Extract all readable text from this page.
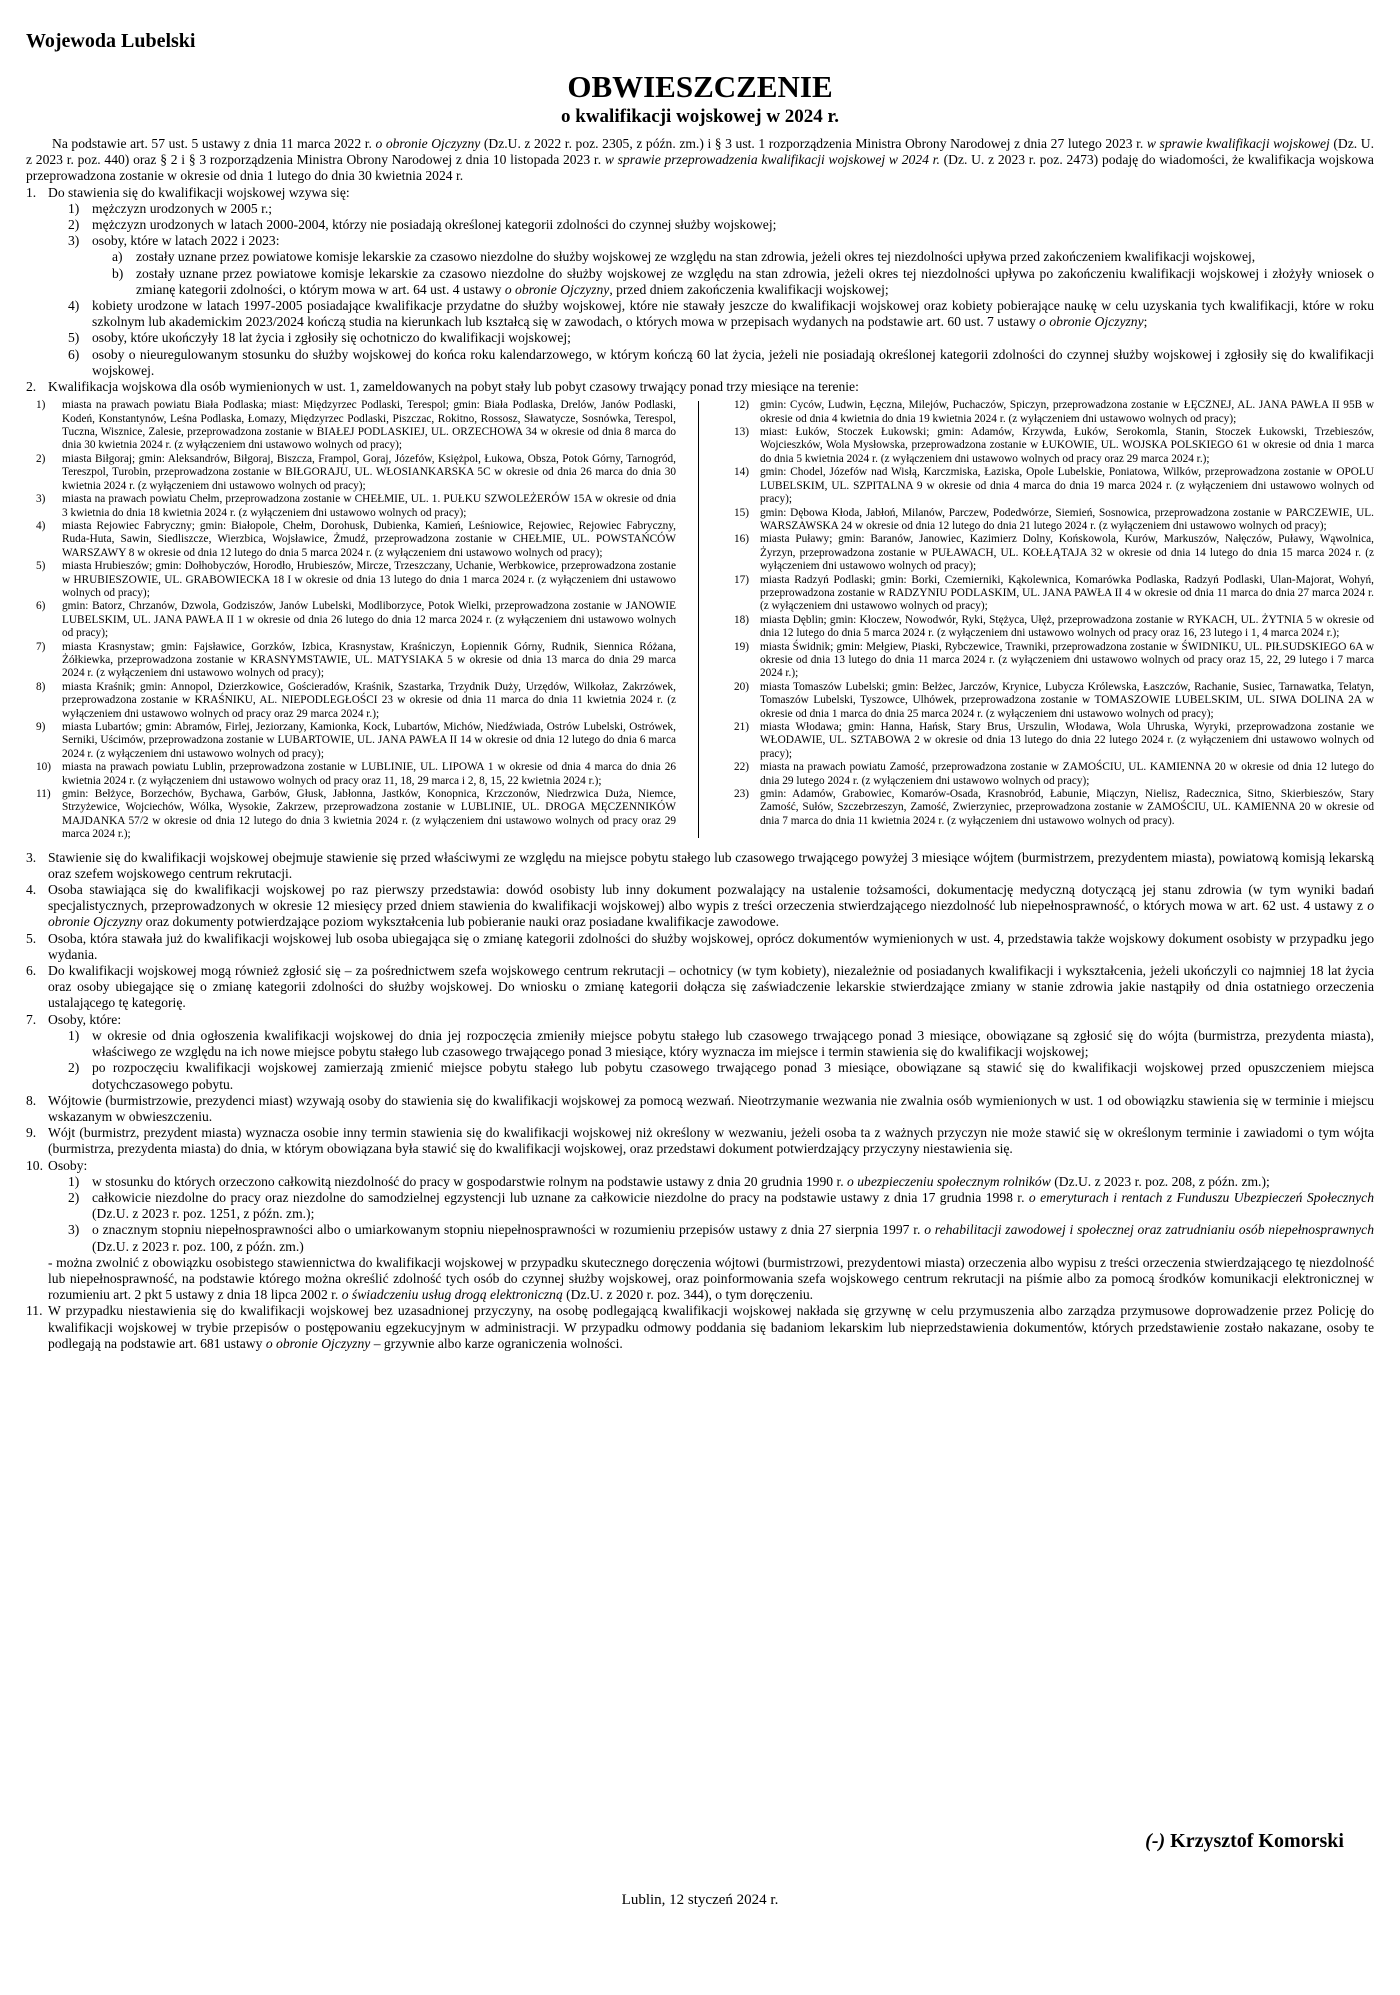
Wojewoda Lubelski

OBWIESZCZENIE
o kwalifikacji wojskowej w 2024 r.

Na podstawie art. 57 ust. 5 ustawy z dnia 11 marca 2022 r. o obronie Ojczyzny (Dz.U. z 2022 r. poz. 2305, z późn. zm.) i § 3 ust. 1 rozporządzenia Ministra Obrony Narodowej z dnia 27 lutego 2023 r. w sprawie kwalifikacji wojskowej (Dz. U. z 2023 r. poz. 440) oraz § 2 i § 3 rozporządzenia Ministra Obrony Narodowej z dnia 10 listopada 2023 r. w sprawie przeprowadzenia kwalifikacji wojskowej w 2024 r. (Dz. U. z 2023 r. poz. 2473) podaję do wiadomości, że kwalifikacja wojskowa przeprowadzona zostanie w okresie od dnia 1 lutego do dnia 30 kwietnia 2024 r.

1. Do stawienia się do kwalifikacji wojskowej wzywa się:
1) mężczyzn urodzonych w 2005 r.;
2) mężczyzn urodzonych w latach 2000-2004, którzy nie posiadają określonej kategorii zdolności do czynnej służby wojskowej;
3) osoby, które w latach 2022 i 2023:
a) zostały uznane przez powiatowe komisje lekarskie za czasowo niezdolne do służby wojskowej ze względu na stan zdrowia, jeżeli okres tej niezdolności upływa przed zakończeniem kwalifikacji wojskowej,
b) zostały uznane przez powiatowe komisje lekarskie za czasowo niezdolne do służby wojskowej ze względu na stan zdrowia, jeżeli okres tej niezdolności upływa po zakończeniu kwalifikacji wojskowej i złożyły wniosek o zmianę kategorii zdolności, o którym mowa w art. 64 ust. 4 ustawy o obronie Ojczyzny, przed dniem zakończenia kwalifikacji wojskowej;
4) kobiety urodzone w latach 1997-2005 posiadające kwalifikacje przydatne do służby wojskowej, które nie stawały jeszcze do kwalifikacji wojskowej oraz kobiety pobierające naukę w celu uzyskania tych kwalifikacji, które w roku szkolnym lub akademickim 2023/2024 kończą studia na kierunkach lub kształcą się w zawodach, o których mowa w przepisach wydanych na podstawie art. 60 ust. 7 ustawy o obronie Ojczyzny;
5) osoby, które ukończyły 18 lat życia i zgłosiły się ochotniczo do kwalifikacji wojskowej;
6) osoby o nieuregulowanym stosunku do służby wojskowej do końca roku kalendarzowego, w którym kończą 60 lat życia, jeżeli nie posiadają określonej kategorii zdolności do czynnej służby wojskowej i zgłosiły się do kwalifikacji wojskowej.
2. Kwalifikacja wojskowa dla osób wymienionych w ust. 1, zameldowanych na pobyt stały lub pobyt czasowy trwający ponad trzy miesiące na terenie:
1) miasta na prawach powiatu Biała Podlaska; miast: Międzyrzec Podlaski, Terespol; gmin: Biała Podlaska, Drelów, Janów Podlaski, Kodeń, Konstantynów, Leśna Podlaska, Łomazy, Międzyrzec Podlaski, Piszczac, Rokitno, Rossosz, Sławatycze, Sosnówka, Terespol, Tuczna, Wisznice, Zalesie, przeprowadzona zostanie w BIAŁEJ PODLASKIEJ, UL. ORZECHOWA 34 w okresie od dnia 8 marca do dnia 30 kwietnia 2024 r. (z wyłączeniem dni ustawowo wolnych od pracy);
2) miasta Biłgoraj; gmin: Aleksandrów, Biłgoraj, Biszcza, Frampol, Goraj, Józefów, Księżpol, Łukowa, Obsza, Potok Górny, Tarnogród, Tereszpol, Turobin, przeprowadzona zostanie w BIŁGORAJU, UL. WŁOSIANKARSKA 5C w okresie od dnia 26 marca do dnia 30 kwietnia 2024 r. (z wyłączeniem dni ustawowo wolnych od pracy);
3) miasta na prawach powiatu Chełm, przeprowadzona zostanie w CHEŁMIE, UL. 1. PUŁKU SZWOLEŻERÓW 15A w okresie od dnia 3 kwietnia do dnia 18 kwietnia 2024 r. (z wyłączeniem dni ustawowo wolnych od pracy);
4) miasta Rejowiec Fabryczny; gmin: Białopole, Chełm, Dorohusk, Dubienka, Kamień, Leśniowice, Rejowiec, Rejowiec Fabryczny, Ruda-Huta, Sawin, Siedliszcze, Wierzbica, Wojsławice, Żmudź, przeprowadzona zostanie w CHEŁMIE, UL. POWSTAŃCÓW WARSZAWY 8 w okresie od dnia 12 lutego do dnia 5 marca 2024 r. (z wyłączeniem dni ustawowo wolnych od pracy);
5) miasta Hrubieszów; gmin: Dołhobyczów, Horodło, Hrubieszów, Mircze, Trzeszczany, Uchanie, Werbkowice, przeprowadzona zostanie w HRUBIESZOWIE, UL. GRABOWIECKA 18 I w okresie od dnia 13 lutego do dnia 1 marca 2024 r. (z wyłączeniem dni ustawowo wolnych od pracy);
6) gmin: Batorz, Chrzanów, Dzwola, Godziszów, Janów Lubelski, Modliborzyce, Potok Wielki, przeprowadzona zostanie w JANOWIE LUBELSKIM, UL. JANA PAWŁA II 1 w okresie od dnia 26 lutego do dnia 12 marca 2024 r. (z wyłączeniem dni ustawowo wolnych od pracy);
7) miasta Krasnystaw; gmin: Fajsławice, Gorzków, Izbica, Krasnystaw, Kraśniczyn, Łopiennik Górny, Rudnik, Siennica Różana, Żółkiewka, przeprowadzona zostanie w KRASNYMSTAWIE, UL. MATYSIAKA 5 w okresie od dnia 13 marca do dnia 29 marca 2024 r. (z wyłączeniem dni ustawowo wolnych od pracy);
8) miasta Kraśnik; gmin: Annopol, Dzierzkowice, Gościeradów, Kraśnik, Szastarka, Trzydnik Duży, Urzędów, Wilkołaz, Zakrzówek, przeprowadzona zostanie w KRAŚNIKU, AL. NIEPODLEGŁOŚCI 23 w okresie od dnia 11 marca do dnia 11 kwietnia 2024 r. (z wyłączeniem dni ustawowo wolnych od pracy oraz 29 marca 2024 r.);
9) miasta Lubartów; gmin: Abramów, Firlej, Jeziorzany, Kamionka, Kock, Lubartów, Michów, Niedźwiada, Ostrów Lubelski, Ostrówek, Serniki, Uścimów, przeprowadzona zostanie w LUBARTOWIE, UL. JANA PAWŁA II 14 w okresie od dnia 12 lutego do dnia 6 marca 2024 r. (z wyłączeniem dni ustawowo wolnych od pracy);
10) miasta na prawach powiatu Lublin, przeprowadzona zostanie w LUBLINIE, UL. LIPOWA 1 w okresie od dnia 4 marca do dnia 26 kwietnia 2024 r. (z wyłączeniem dni ustawowo wolnych od pracy oraz 11, 18, 29 marca i 2, 8, 15, 22 kwietnia 2024 r.);
11) gmin: Bełżyce, Borzechów, Bychawa, Garbów, Głusk, Jabłonna, Jastków, Konopnica, Krzczonów, Niedrzwica Duża, Niemce, Strzyżewice, Wojciechów, Wólka, Wysokie, Zakrzew, przeprowadzona zostanie w LUBLINIE, UL. DROGA MĘCZENNIKÓW MAJDANKA 57/2 w okresie od dnia 12 lutego do dnia 3 kwietnia 2024 r. (z wyłączeniem dni ustawowo wolnych od pracy oraz 29 marca 2024 r.);
12) gmin: Cyców, Ludwin, Łęczna, Milejów, Puchaczów, Spiczyn, przeprowadzona zostanie w ŁĘCZNEJ, AL. JANA PAWŁA II 95B w okresie od dnia 4 kwietnia do dnia 19 kwietnia 2024 r. (z wyłączeniem dni ustawowo wolnych od pracy);
13) miast: Łuków, Stoczek Łukowski; gmin: Adamów, Krzywda, Łuków, Serokomla, Stanin, Stoczek Łukowski, Trzebieszów, Wojcieszków, Wola Mysłowska, przeprowadzona zostanie w ŁUKOWIE, UL. WOJSKA POLSKIEGO 61 w okresie od dnia 1 marca do dnia 5 kwietnia 2024 r. (z wyłączeniem dni ustawowo wolnych od pracy oraz 29 marca 2024 r.);
14) gmin: Chodel, Józefów nad Wisłą, Karczmiska, Łaziska, Opole Lubelskie, Poniatowa, Wilków, przeprowadzona zostanie w OPOLU LUBELSKIM, UL. SZPITALNA 9 w okresie od dnia 4 marca do dnia 19 marca 2024 r. (z wyłączeniem dni ustawowo wolnych od pracy);
15) gmin: Dębowa Kłoda, Jabłoń, Milanów, Parczew, Podedwórze, Siemień, Sosnowica, przeprowadzona zostanie w PARCZEWIE, UL. WARSZAWSKA 24 w okresie od dnia 12 lutego do dnia 21 lutego 2024 r. (z wyłączeniem dni ustawowo wolnych od pracy);
16) miasta Puławy; gmin: Baranów, Janowiec, Kazimierz Dolny, Końskowola, Kurów, Markuszów, Nałęczów, Puławy, Wąwolnica, Żyrzyn, przeprowadzona zostanie w PUŁAWACH, UL. KOŁŁĄTAJA 32 w okresie od dnia 14 lutego do dnia 15 marca 2024 r. (z wyłączeniem dni ustawowo wolnych od pracy);
17) miasta Radzyń Podlaski; gmin: Borki, Czemierniki, Kąkolewnica, Komarówka Podlaska, Radzyń Podlaski, Ulan-Majorat, Wohyń, przeprowadzona zostanie w RADZYNIU PODLASKIM, UL. JANA PAWŁA II 4 w okresie od dnia 11 marca do dnia 27 marca 2024 r. (z wyłączeniem dni ustawowo wolnych od pracy);
18) miasta Dęblin; gmin: Kłoczew, Nowodwór, Ryki, Stężyca, Ułęż, przeprowadzona zostanie w RYKACH, UL. ŻYTNIA 5 w okresie od dnia 12 lutego do dnia 5 marca 2024 r. (z wyłączeniem dni ustawowo wolnych od pracy oraz 16, 23 lutego i 1, 4 marca 2024 r.);
19) miasta Świdnik; gmin: Mełgiew, Piaski, Rybczewice, Trawniki, przeprowadzona zostanie w ŚWIDNIKU, UL. PIŁSUDSKIEGO 6A w okresie od dnia 13 lutego do dnia 11 marca 2024 r. (z wyłączeniem dni ustawowo wolnych od pracy oraz 15, 22, 29 lutego i 7 marca 2024 r.);
20) miasta Tomaszów Lubelski; gmin: Bełżec, Jarczów, Krynice, Lubycza Królewska, Łaszczów, Rachanie, Susiec, Tarnawatka, Telatyn, Tomaszów Lubelski, Tyszowce, Ulhówek, przeprowadzona zostanie w TOMASZOWIE LUBELSKIM, UL. SIWA DOLINA 2A w okresie od dnia 1 marca do dnia 25 marca 2024 r. (z wyłączeniem dni ustawowo wolnych od pracy);
21) miasta Włodawa; gmin: Hanna, Hańsk, Stary Brus, Urszulin, Włodawa, Wola Uhruska, Wyryki, przeprowadzona zostanie we WŁODAWIE, UL. SZTABOWA 2 w okresie od dnia 13 lutego do dnia 22 lutego 2024 r. (z wyłączeniem dni ustawowo wolnych od pracy);
22) miasta na prawach powiatu Zamość, przeprowadzona zostanie w ZAMOŚCIU, UL. KAMIENNA 20 w okresie od dnia 12 lutego do dnia 29 lutego 2024 r. (z wyłączeniem dni ustawowo wolnych od pracy);
23) gmin: Adamów, Grabowiec, Komarów-Osada, Krasnobród, Łabunie, Miączyn, Nielisz, Radecznica, Sitno, Skierbieszów, Stary Zamość, Sułów, Szczebrzeszyn, Zamość, Zwierzyniec, przeprowadzona zostanie w ZAMOŚCIU, UL. KAMIENNA 20 w okresie od dnia 7 marca do dnia 11 kwietnia 2024 r. (z wyłączeniem dni ustawowo wolnych od pracy).
3. Stawienie się do kwalifikacji wojskowej obejmuje stawienie się przed właściwymi ze względu na miejsce pobytu stałego lub czasowego trwającego powyżej 3 miesiące wójtem (burmistrzem, prezydentem miasta), powiatową komisją lekarską oraz szefem wojskowego centrum rekrutacji.
4. Osoba stawiająca się do kwalifikacji wojskowej po raz pierwszy przedstawia: dowód osobisty lub inny dokument pozwalający na ustalenie tożsamości, dokumentację medyczną dotyczącą jej stanu zdrowia (w tym wyniki badań specjalistycznych, przeprowadzonych w okresie 12 miesięcy przed dniem stawienia do kwalifikacji wojskowej) albo wypis z treści orzeczenia stwierdzającego niezdolność lub niepełnosprawność, o których mowa w art. 62 ust. 4 ustawy z o obronie Ojczyzny oraz dokumenty potwierdzające poziom wykształcenia lub pobieranie nauki oraz posiadane kwalifikacje zawodowe.
5. Osoba, która stawała już do kwalifikacji wojskowej lub osoba ubiegająca się o zmianę kategorii zdolności do służby wojskowej, oprócz dokumentów wymienionych w ust. 4, przedstawia także wojskowy dokument osobisty w przypadku jego wydania.
6. Do kwalifikacji wojskowej mogą również zgłosić się – za pośrednictwem szefa wojskowego centrum rekrutacji – ochotnicy (w tym kobiety), niezależnie od posiadanych kwalifikacji i wykształcenia, jeżeli ukończyli co najmniej 18 lat życia oraz osoby ubiegające się o zmianę kategorii zdolności do służby wojskowej. Do wniosku o zmianę kategorii dołącza się zaświadczenie lekarskie stwierdzające zmiany w stanie zdrowia jakie nastąpiły od dnia ostatniego orzeczenia ustalającego tę kategorię.
7. Osoby, które:
1) w okresie od dnia ogłoszenia kwalifikacji wojskowej do dnia jej rozpoczęcia zmieniły miejsce pobytu stałego lub czasowego trwającego ponad 3 miesiące, obowiązane są zgłosić się do wójta (burmistrza, prezydenta miasta), właściwego ze względu na ich nowe miejsce pobytu stałego lub czasowego trwającego ponad 3 miesiące, który wyznacza im miejsce i termin stawienia się do kwalifikacji wojskowej;
2) po rozpoczęciu kwalifikacji wojskowej zamierzają zmienić miejsce pobytu stałego lub pobytu czasowego trwającego ponad 3 miesiące, obowiązane są stawić się do kwalifikacji wojskowej przed opuszczeniem miejsca dotychczasowego pobytu.
8. Wójtowie (burmistrzowie, prezydenci miast) wzywają osoby do stawienia się do kwalifikacji wojskowej za pomocą wezwań. Nieotrzymanie wezwania nie zwalnia osób wymienionych w ust. 1 od obowiązku stawienia się w terminie i miejscu wskazanym w obwieszczeniu.
9. Wójt (burmistrz, prezydent miasta) wyznacza osobie inny termin stawienia się do kwalifikacji wojskowej niż określony w wezwaniu, jeżeli osoba ta z ważnych przyczyn nie może stawić się w określonym terminie i zawiadomi o tym wójta (burmistrza, prezydenta miasta) do dnia, w którym obowiązana była stawić się do kwalifikacji wojskowej, oraz przedstawi dokument potwierdzający przyczyny niestawienia się.
10. Osoby:
1) w stosunku do których orzeczono całkowitą niezdolność do pracy w gospodarstwie rolnym na podstawie ustawy z dnia 20 grudnia 1990 r. o ubezpieczeniu społecznym rolników (Dz.U. z 2023 r. poz. 208, z późn. zm.);
2) całkowicie niezdolne do pracy oraz niezdolne do samodzielnej egzystencji lub uznane za całkowicie niezdolne do pracy na podstawie ustawy z dnia 17 grudnia 1998 r. o emeryturach i rentach z Funduszu Ubezpieczeń Społecznych (Dz.U. z 2023 r. poz. 1251, z późn. zm.);
3) o znacznym stopniu niepełnosprawności albo o umiarkowanym stopniu niepełnosprawności w rozumieniu przepisów ustawy z dnia 27 sierpnia 1997 r. o rehabilitacji zawodowej i społecznej oraz zatrudnianiu osób niepełnosprawnych (Dz.U. z 2023 r. poz. 100, z późn. zm.)

- można zwolnić z obowiązku osobistego stawiennictwa do kwalifikacji wojskowej w przypadku skutecznego doręczenia wójtowi (burmistrzowi, prezydentowi miasta) orzeczenia albo wypisu z treści orzeczenia stwierdzającego tę niezdolność lub niepełnosprawność, na podstawie którego można określić zdolność tych osób do czynnej służby wojskowej, oraz poinformowania szefa wojskowego centrum rekrutacji na piśmie albo za pomocą środków komunikacji elektronicznej w rozumieniu art. 2 pkt 5 ustawy z dnia 18 lipca 2002 r. o świadczeniu usług drogą elektroniczną (Dz.U. z 2020 r. poz. 344), o tym doręczeniu.

11. W przypadku niestawienia się do kwalifikacji wojskowej bez uzasadnionej przyczyny, na osobę podlegającą kwalifikacji wojskowej nakłada się grzywnę w celu przymuszenia albo zarządza przymusowe doprowadzenie przez Policję do kwalifikacji wojskowej w trybie przepisów o postępowaniu egzekucyjnym w administracji. W przypadku odmowy poddania się badaniom lekarskim lub nieprzedstawienia dokumentów, których przedstawienie zostało nakazane, osoby te podlegają na podstawie art. 681 ustawy o obronie Ojczyzny – grzywnie albo karze ograniczenia wolności.
(-) Krzysztof Komorski
Lublin, 12 styczeń 2024 r.
